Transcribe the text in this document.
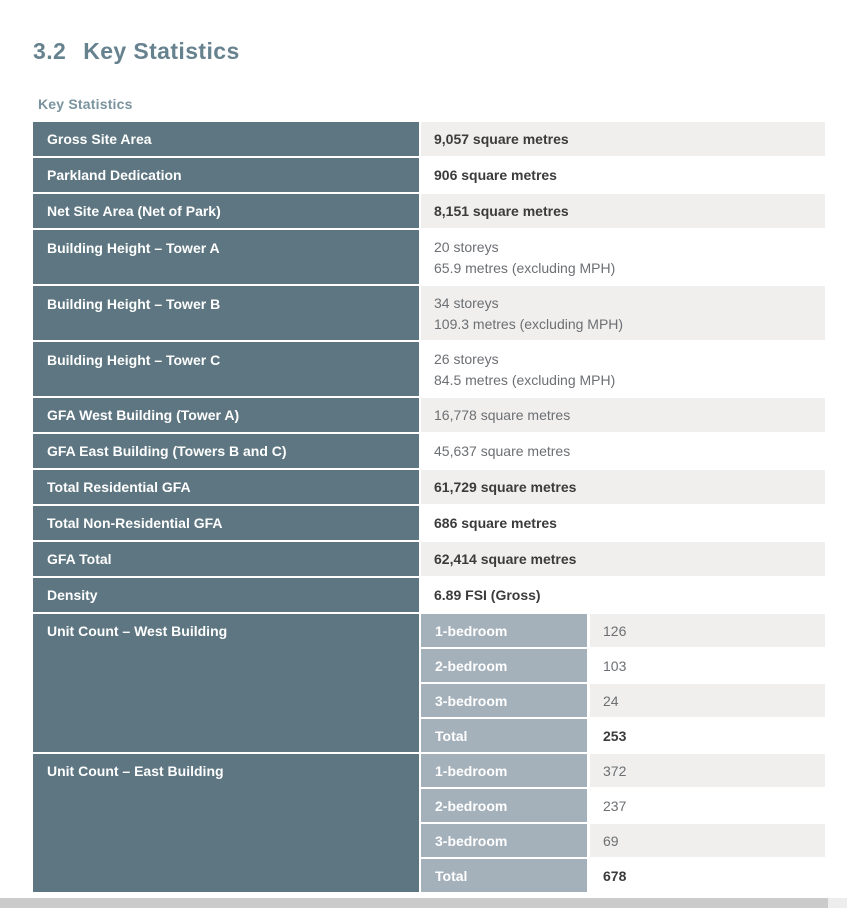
3.2 Key Statistics
Key Statistics
Gross Site Area	9,057 square metres
Parkland Dedication	906 square metres
Net Site Area (Net of Park)	8,151 square metres
Building Height – Tower A	20 storeys
65.9 metres (excluding MPH)
Building Height – Tower B	34 storeys
109.3 metres (excluding MPH)
Building Height – Tower C	26 storeys
84.5 metres (excluding MPH)
GFA West Building (Tower A)	16,778 square metres
GFA East Building (Towers B and C)	45,637 square metres
Total Residential GFA	61,729 square metres
Total Non-Residential GFA	686 square metres
GFA Total	62,414 square metres
Density	6.89 FSI (Gross)
Unit Count – West Building	1-bedroom	126
2-bedroom	103
3-bedroom	24
Total	253
Unit Count – East Building	1-bedroom	372
2-bedroom	237
3-bedroom	69
Total	678
